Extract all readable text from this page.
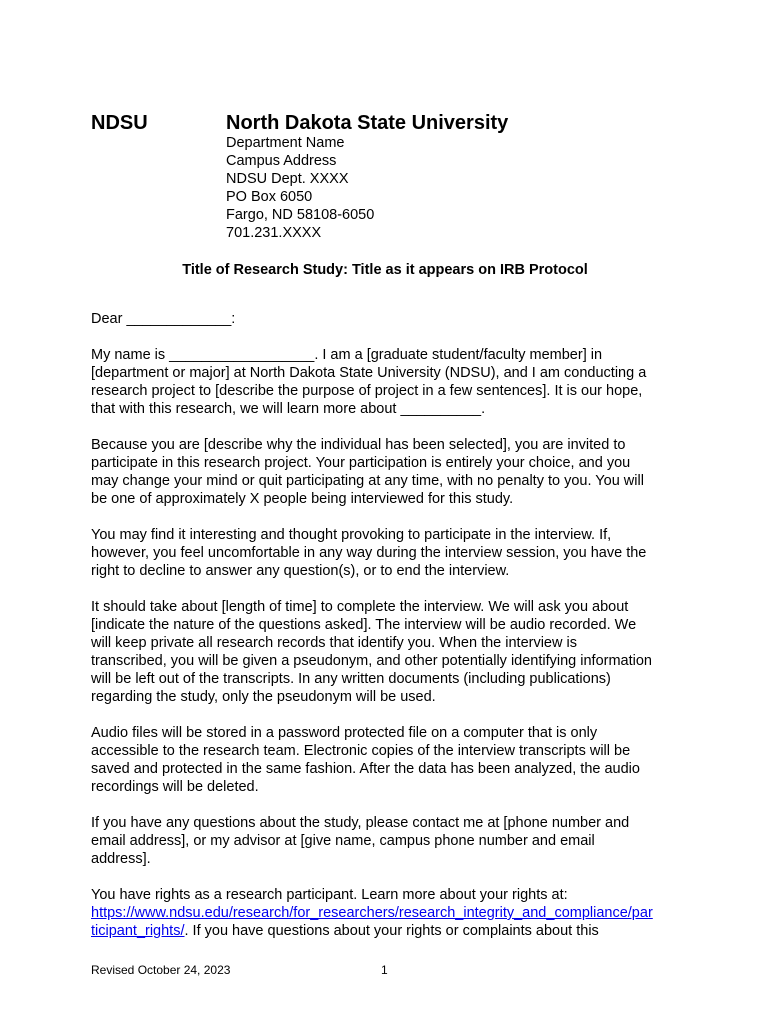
NDSU	North Dakota State University
Department Name
Campus Address
NDSU Dept. XXXX
PO Box 6050
Fargo, ND 58108-6050
701.231.XXXX
Title of Research Study: Title as it appears on IRB Protocol

Dear _____________:

My name is __________________. I am a [graduate student/faculty member] in

[department or major] at North Dakota State University (NDSU), and I am conducting a

research project to [describe the purpose of project in a few sentences]. It is our hope,

that with this research, we will learn more about __________.

Because you are [describe why the individual has been selected], you are invited to

participate in this research project. Your participation is entirely your choice, and you

may change your mind or quit participating at any time, with no penalty to you. You will

be one of approximately X people being interviewed for this study.

You may find it interesting and thought provoking to participate in the interview. If,

however, you feel uncomfortable in any way during the interview session, you have the

right to decline to answer any question(s), or to end the interview.

It should take about [length of time] to complete the interview. We will ask you about

[indicate the nature of the questions asked]. The interview will be audio recorded. We

will keep private all research records that identify you. When the interview is

transcribed, you will be given a pseudonym, and other potentially identifying information

will be left out of the transcripts. In any written documents (including publications)

regarding the study, only the pseudonym will be used.

Audio files will be stored in a password protected file on a computer that is only

accessible to the research team. Electronic copies of the interview transcripts will be

saved and protected in the same fashion. After the data has been analyzed, the audio

recordings will be deleted.

If you have any questions about the study, please contact me at [phone number and

email address], or my advisor at [give name, campus phone number and email

address].

You have rights as a research participant. Learn more about your rights at:

https://www.ndsu.edu/research/for_researchers/research_integrity_and_compliance/par

ticipant_rights/. If you have questions about your rights or complaints about this

Revised October 24, 2023	1
